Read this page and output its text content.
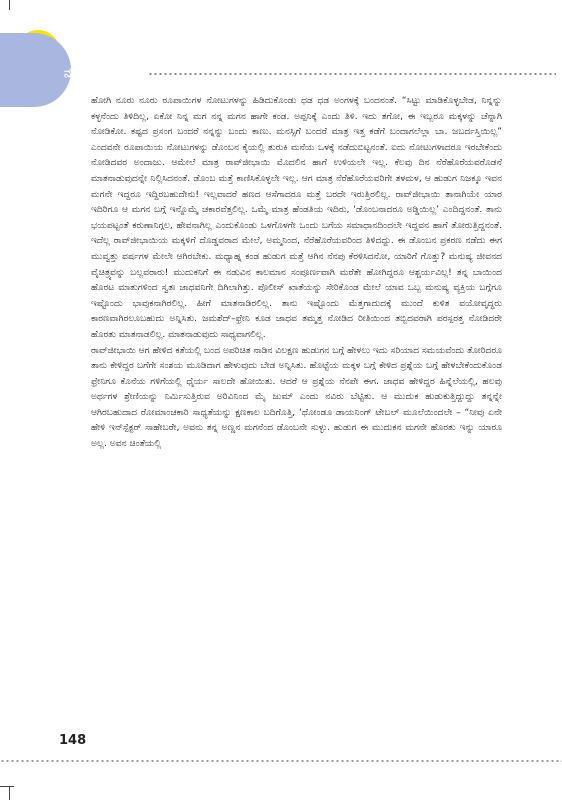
ನವಿಲುಗರಿ

ಹೋಗಿ ನೂರು ನೂರು ರೂಪಾಯಿಗಳ ನೋಟುಗಳನ್ನು ಹಿಡಿದುಕೊಂಡು ಧಡ ಧಡ ಅಂಗಳಕ್ಕೆ ಬಂದನಂತೆ. “ಸಿಟ್ಟು ಮಾಡಿಕೊಳ್ಳಬೇಡ, ನಿನ್ನನ್ನು ಕಳ್ಳನೆಂದು ತಿಳಿದಿಲ್ಲ, ಏಕೋ ನಿನ್ನ ಮಗ ನನ್ನ ಮಗನ ಹಾಗೇ ಕಂಡ. ಅಪ್ಪನಿಕ್ಕೆ ಎಂದು ತಿಳಿ. ಇದು ತಗೋ, ಈ ಇಬ್ಬರೂ ಮಕ್ಕಳನ್ನು ಚೆನ್ನಾಗಿ ನೋಡಿಕೋ. ಕಷ್ಟದ ಪ್ರಸಂಗ ಬಂದರೆ ನನ್ನನ್ನು ಬಂದು ಕಾಣು. ಮನಸ್ಸಿಗೆ ಬಂದರೆ ಮಾತ್ರ ಇತ್ತ ಕಡೆಗೆ ಬಂದಾಗಲೆಲ್ಲಾ ಬಾ. ಜಬರ್ದಸ್ತಿಯಿಲ್ಲ” ಎಂದವನೇ ರೂಪಾಯಿಯ ನೋಟುಗಳನ್ನು ಡೊಂಬನ ಕೈಯಲ್ಲಿ ತುರುಕಿ ಮನೆಯ ಒಳಕ್ಕೆ ನಡೆದುಬಿಟ್ಟನಂತೆ. ಐದು ನೋಟುಗಳಾದರೂ ಇರಬೇಕೆಂದು ನೋಡಿದವರ ಅಂದಾಜು. ಆಮೇಲೆ ಮಾತ್ರ ರಾವ್‌ಜೀಭಾಯಿ ಮೊದಲಿನ ಹಾಗೆ ಉಳಿಯಲೇ ಇಲ್ಲ. ಕೆಲವು ದಿನ ನೆರೆಹೊರೆಯವರೊಡನೆ ಮಾತನಾಡುವುದನ್ನೇ ನಿಲ್ಲಿಸಿದನಂತೆ. ಡೊಂಬ ಮತ್ತೆ ಕಾಣಿಸಿಕೊಳ್ಳಲೇ ಇಲ್ಲ. ಆಗ ಮಾತ್ರ ನೆರೆಹೊರೆಯವರಿಗೇ ತಳಮಳ, ಆ ಹುಡುಗ ನಿಜಕ್ಕೂ ಇವನ ಮಗನೇ ಇದ್ದರೂ ಇದ್ದಿರಬಹುದೇನು! ಇಲ್ಲವಾದರೆ ಹಣದ ಆಸೆಗಾದರೂ ಮತ್ತೆ ಬರದೇ ಇರುತ್ತಿರಲಿಲ್ಲ. ರಾವ್‌ಜೀಭಾಯಿ ತಾನಾಗಿಯೇ ಯಾರ ಇದಿರಿಗೂ ಆ ಮಗನ ಬಗ್ಗೆ ಇನ್ನೊಮ್ಮೆ ಚಕಾರವೆತ್ತಲಿಲ್ಲ. ಒಮ್ಮೆ ಮಾತ್ರ ಹೆಂಡತಿಯ ಇದಿರು, ‘ಡೊಂಬನಾದರೂ ಅಡ್ಡಿಯಿಲ್ಲ’ ಎಂದಿದ್ದನಂತೆ. ತಾನು ಭಯಪಟ್ಟಂತೆ ಕರುಣಾನಿಗ್ಗಲ, ಹೇವನಾಗಿಲ್ಲ ಎಂದುಕೊಂಡು ಒಳಗೊಳಗೇ ಒಂದು ಬಗೆಯ ಸಮಾಧಾನದಿಂದಲೇ ಇದ್ದವನ ಹಾಗೆ ತೋರುತ್ತಿದ್ದನಂತೆ. ಇದೆಲ್ಲ ರಾವ್‌ಜೀಭಾಯಿಯ ಮಕ್ಕಳಿಗೆ ದೊಡ್ಡವರಾದ ಮೇಲೆ, ಅಮ್ಮನಿಂದ, ನೆರೆಹೊರೆಯವರಿಂದ ತಿಳಿದದ್ದು. ಈ ಡೊಂಬನ ಪ್ರಕರಣ ನಡೆದು ಈಗ ಮುವ್ವತ್ತು ವರ್ಷಗಳ ಮೇಲೇ ಆಗಿರಬೇಕು. ಮಧ್ಯಾಹ್ನ ಕಂಡ ಹುಡುಗ ಮತ್ತೆ ಆಗಿನ ನೆನಪು ಕೆರಳಿಸಿದನೋ, ಯಾರಿಗೆ ಗೊತ್ತು? ಮನುಷ್ಯ ಜೀವನದ ವೈಚಿತ್ರ್ಯವನ್ನು ಬಲ್ಲವರಾರು! ಮುದುಕನಿಗೆ ಈ ನಡುವಿನ ಕಾಲಮಾನ ಸಂಪೂರ್ಣವಾಗಿ ಮರೆತೇ ಹೋಗಿದ್ದರೂ ಆಶ್ಚರ್ಯವಿಲ್ಲ! ತನ್ನ ಬಾಯಿಂದ ಹೊರಟ ಮಾತುಗಳಿಂದ ಸ್ವತಃ ಜಾಧವನಿಗೇ ದಿಗಿಲಾಗಿತ್ತು. ಪೊಲೀಸ್ ಖಾತೆಯನ್ನು ಸೇರಿಕೊಂಡ ಮೇಲೆ ಯಾವ ಒಬ್ಬ ಮನುಷ್ಯ ವ್ಯಕ್ತಿಯ ಬಗ್ಗೆಗೂ ಇಷ್ಟೊಂದು ಭಾವುಕನಾಗಿರಲಿಲ್ಲ. ಹೀಗೆ ಮಾತನಾಡಿರಲಿಲ್ಲ. ತಾನು ಇಷ್ಟೊಂದು ಮೆತ್ತಗಾದುದಕ್ಕೆ ಮುಂದೆ ಕುಳಿತ ವಯೋವೃದ್ಧರು ಕಾರಣವಾಗಿರಲೂಬಹುದು ಅನ್ನಿಸಿತು. ಜಮಶೆದ್–ಫ್ರೇನಿ ಕೂಡ ಜಾಧವ ತಮ್ಮತ್ತ ನೋಡಿದ ರೀತಿಯಿಂದ ತಬ್ಬಿದವರಾಗಿ ಪರಸ್ಪರತ್ತ ನೋಡಿದರೇ ಹೊರತು ಮಾತನಾಡಲಿಲ್ಲ. ಮಾತನಾಡುವುದು ಸಾಧ್ಯವಾಗಲಿಲ್ಲ.

ರಾವ್‌ಜೀಭಾಯಿ ಆಗ ಹೇಳಿದ ಕತೆಯಲ್ಲಿ ಬಂದ ಅಪರಿಚಿತ ನಾಡಿನ ವಿಲಕ್ಷಣ ಹುಡುಗನ ಬಗ್ಗೆ ಹೇಳಲು ಇದು ಸರಿಯಾದ ಸಮಯವೆಂದು ತೋರಿದರೂ ತಾನು ಕೇಳಿದ್ದರ ಬಗೆಗೇ ಸಂಶಯ ಮೂಡಿದಾಗ ಹೇಳುವುದು ಬೇಡ ಅನ್ನಿಸಿತು. ಹೊಟ್ಟೆಯ ಮಕ್ಕಳ ಬಗ್ಗೆ ಕೇಳಿದ ಪ್ರಶ್ನೆಯ ಬಗ್ಗೆ ಹೇಳಬೇಕೆಂದುಕೊಂಡ ಫ್ರೇನಿಗೂ ಕೊನೆಯ ಗಳಿಗೆಯಲ್ಲಿ ಧೈರ್ಯ ಸಾಲದೇ ಹೋಯಿತು. ಆದರೆ ಆ ಪ್ರಶ್ನೆಯ ನೆನಪೇ ಈಗ. ಜಾಧವ ಹೇಳಿದ್ದರ ಹಿನ್ನೆಲೆಯಲ್ಲಿ, ಹಲವು ಅರ್ಥಗಳ ಶ್ರೇಣಿಯನ್ನು ನಿರ್ಮಿಸುತ್ತಿರುವ ಅರಿವಿನಿಂದ ಮೈ ಜುಮ್ ಎಂದು ನವಿರು ಬೆಟ್ಟಿತು. ಆ ಮುದುಕ ಹುಡುಕುತ್ತಿದ್ದುದ್ದು ತನ್ನನ್ನೇ ಆಗಿರಬಹುದಾದ ರೋಮಾಂಚಕಾರಿ ಸಾಧ್ಯತೆಯನ್ನು ಕ್ಷಣಕಾಲ ಬದಿಗೊತ್ತಿ, ‘ಥೋಂಡೂ ಡಾಯನಿಂಗ್ ಟೇಬಲ್ ಮೂಲೆಯಿಂದಲೇ – “ನೀವು ಏನೇ ಹೇಳಿ ಇನ್‌ಸ್ಪೆಕ್ಟರ್ ಸಾಹೇಬರೇ, ಅವನು ತನ್ನ ಅಣ್ಣನ ಮಗನೆಂದ ಡೊಂಬನೇ ಸುಳ್ಳು. ಹುಡುಗ ಈ ಮುದುಕನ ಮಗನೇ ಹೊರತು ಇನ್ನು ಯಾರೂ ಅಲ್ಲ. ಅವನ ಚಿಂತೆಯಲ್ಲಿ

148
